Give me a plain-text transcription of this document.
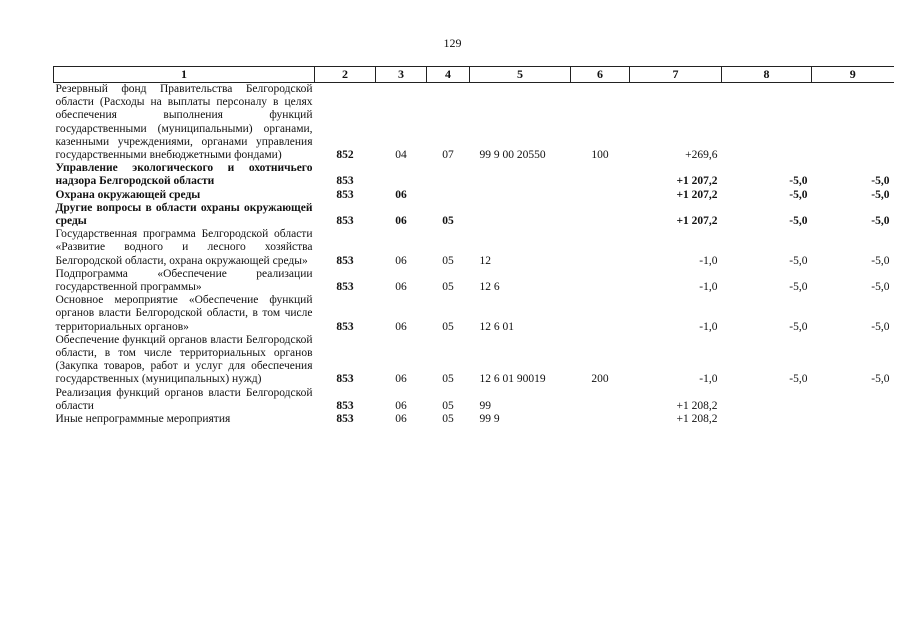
129
1	2	3	4	5	6	7	8	9
Резервный фонд Правительства Белгородской области (Расходы на выплаты персоналу в целях обеспечения выполнения функций государственными (муниципальными) органами, казенными учреждениями, органами управления государственными внебюджетными фондами)	852	04	07	99 9 00 20550	100	+269,6		
Управление экологического и охотничьего надзора Белгородской области	853					+1 207,2	-5,0	-5,0
Охрана окружающей среды	853	06				+1 207,2	-5,0	-5,0
Другие вопросы в области охраны окружающей среды	853	06	05			+1 207,2	-5,0	-5,0
Государственная программа Белгородской области «Развитие водного и лесного хозяйства Белгородской области, охрана окружающей среды»	853	06	05	12		-1,0	-5,0	-5,0
Подпрограмма «Обеспечение реализации государственной программы»	853	06	05	12 6		-1,0	-5,0	-5,0
Основное мероприятие «Обеспечение функций органов власти Белгородской области, в том числе территориальных органов»	853	06	05	12 6 01		-1,0	-5,0	-5,0
Обеспечение функций органов власти Белгородской области, в том числе территориальных органов (Закупка товаров, работ и услуг для обеспечения государственных (муниципальных) нужд)	853	06	05	12 6 01 90019	200	-1,0	-5,0	-5,0
Реализация функций органов власти Белгородской области	853	06	05	99		+1 208,2		
Иные непрограммные мероприятия	853	06	05	99 9		+1 208,2		
